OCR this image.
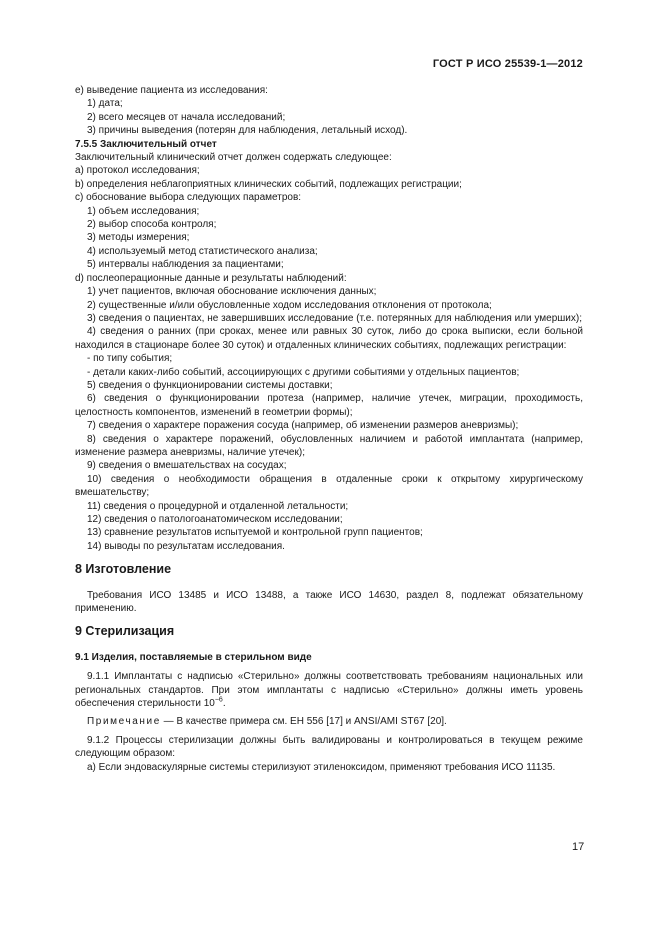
ГОСТ Р ИСО 25539-1—2012

e) выведение пациента из исследования:

1) дата;

2) всего месяцев от начала исследований;

3) причины выведения (потерян для наблюдения, летальный исход).

7.5.5 Заключительный отчет

Заключительный клинический отчет должен содержать следующее:

a) протокол исследования;

b) определения неблагоприятных клинических событий, подлежащих регистрации;

c) обоснование выбора следующих параметров:

1) объем исследования;

2) выбор способа контроля;

3) методы измерения;

4) используемый метод статистического анализа;

5) интервалы наблюдения за пациентами;

d) послеоперационные данные и результаты наблюдений:

1) учет пациентов, включая обоснование исключения данных;

2) существенные и/или обусловленные ходом исследования отклонения от протокола;

3) сведения о пациентах, не завершивших исследование (т.е. потерянных для наблюдения или умерших);

4) сведения о ранних (при сроках, менее или равных 30 суток, либо до срока выписки, если больной находился в стационаре более 30 суток) и отдаленных клинических событиях, подлежащих регистрации:

- по типу события;

- детали каких-либо событий, ассоциирующих с другими событиями у отдельных пациентов;

5) сведения о функционировании системы доставки;

6) сведения о функционировании протеза (например, наличие утечек, миграции, проходимость, целостность компонентов, изменений в геометрии формы);

7) сведения о характере поражения сосуда (например, об изменении размеров аневризмы);

8) сведения о характере поражений, обусловленных наличием и работой имплантата (например, изменение размера аневризмы, наличие утечек);

9) сведения о вмешательствах на сосудах;

10) сведения о необходимости обращения в отдаленные сроки к открытому хирургическому вмешательству;

11) сведения о процедурной и отдаленной летальности;

12) сведения о патологоанатомическом исследовании;

13) сравнение результатов испытуемой и контрольной групп пациентов;

14) выводы по результатам исследования.

8 Изготовление

Требования ИСО 13485 и ИСО 13488, а также ИСО 14630, раздел 8, подлежат обязательному применению.

9 Стерилизация

9.1 Изделия, поставляемые в стерильном виде

9.1.1 Имплантаты с надписью «Стерильно» должны соответствовать требованиям национальных или региональных стандартов. При этом имплантаты с надписью «Стерильно» должны иметь уровень обеспечения стерильности $10^{-6}$.

Примечание — В качестве примера см. ЕН 556 [17] и ANSI/AMI ST67 [20].

9.1.2 Процессы стерилизации должны быть валидированы и контролироваться в текущем режиме следующим образом:

a) Если эндоваскулярные системы стерилизуют этиленоксидом, применяют требования ИСО 11135.

17
